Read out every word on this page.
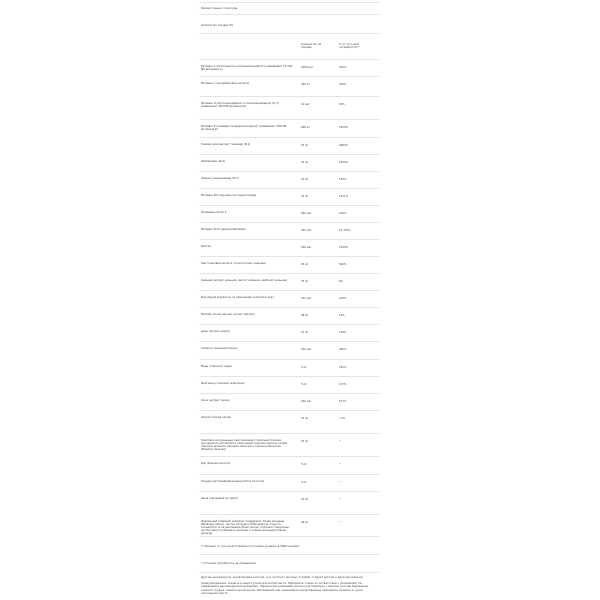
Размер порции: 2 капсулы
Количество порций: 60
Количество на порцию
% от суточной потребности**
Витамин А (бета-каротин, ретинилпальмитат) (эквивалент 15 000 МЕ витамина А)
2000 мкг	222%
Витамин С (аскорбиновая кислота)	400 мг	444%
Витамин D (эргокальциферол и холекальциферол) (D-3) (эквивалент 400 МЕ витамина D)
10 мкг	50%
Витамин Е (d-альфа-токоферилсукцинат) (эквивалент 400 МЕ витамина Е)
268 мг	2300%
Тиамин (мононитрат тиамина) (В-1)	25 мг	2083%
Рибофлавин (В-2)	25 мг	1923%
Ниацин (ниацинамид) (В-3)	25 мг	156%
Витамин В-6 (пиридоксин гидрохлорид)	25 мг	1471%
Фолиевая кислота	400 мкг	100%
Витамин В-12 (цианокобаламин)	250 мкг	10 333%
Биотин	300 мкг	1000%
Пантотеновая кислота (d-пантотенат кальция)	25 мг	500%
Кальций (аспарт кальция, лактат кальция, карбонат кальция)	75 мг	6%
Йод (бурая водоросль из ламинарии) (Laminaria spp.)	150 мкг	100%
Магний (оксид магния, аспарт магния)	38 мг	10%
Цинк (цитрат цинка)	12 мг	109%
Селен (L-селенометионин)	200 мкг	364%
Медь (глюконат меди)	2 мг	222%
Марганец (глюконат марганца)	5 мг	217%
Хром (цитрат хрома)	200 мкг	571%
Калий (хлорид калия)	15 мг	<1%
Комплекс натуральных каротиноидов: томатный порошок (Lycopersicon esculentum), морковный порошок (Daucus carota), порошок шпината (Spinacia oleracea) и порошок брокколи (Brassica oleracea)
25 мг	*
Бор (борная кислота)	5 мг	*
Концентрат биофлавоноидов (Citrus limonum)	3 мг	*
Хвощ (хвощевый экстракт)	15 мг	*
Фирменный травяной комплекс поддержки: Трава люцерны (Medicago sativa), листья петрушки (Petroselinum crispum), концентрат ягод шиповника (Rosa canina), порошок спирулины, листья капусты (Brassica oleracea) и корень женьшеня (Panax ginseng)
40 мг	*
** Процент от суточной потребности основан на диете в 2000 калорий.
* Суточная потребность не определена.
Другие ингредиенты: желатиновая капсула, соя, экстракт рисовых отрубей, стеарат магния и диоксид кремния.
Предупреждения: хранить в недоступном для детей месте. Принимать только в соответствии с указаниями. Не превышайте рекомендуемой дозировки. Перед использованием проконсультируйтесь с врачом, если вы беременны, кормите грудью, имеете хронические заболевания или принимаете лекарственные препараты. Хранить в сухом прохладном месте.
